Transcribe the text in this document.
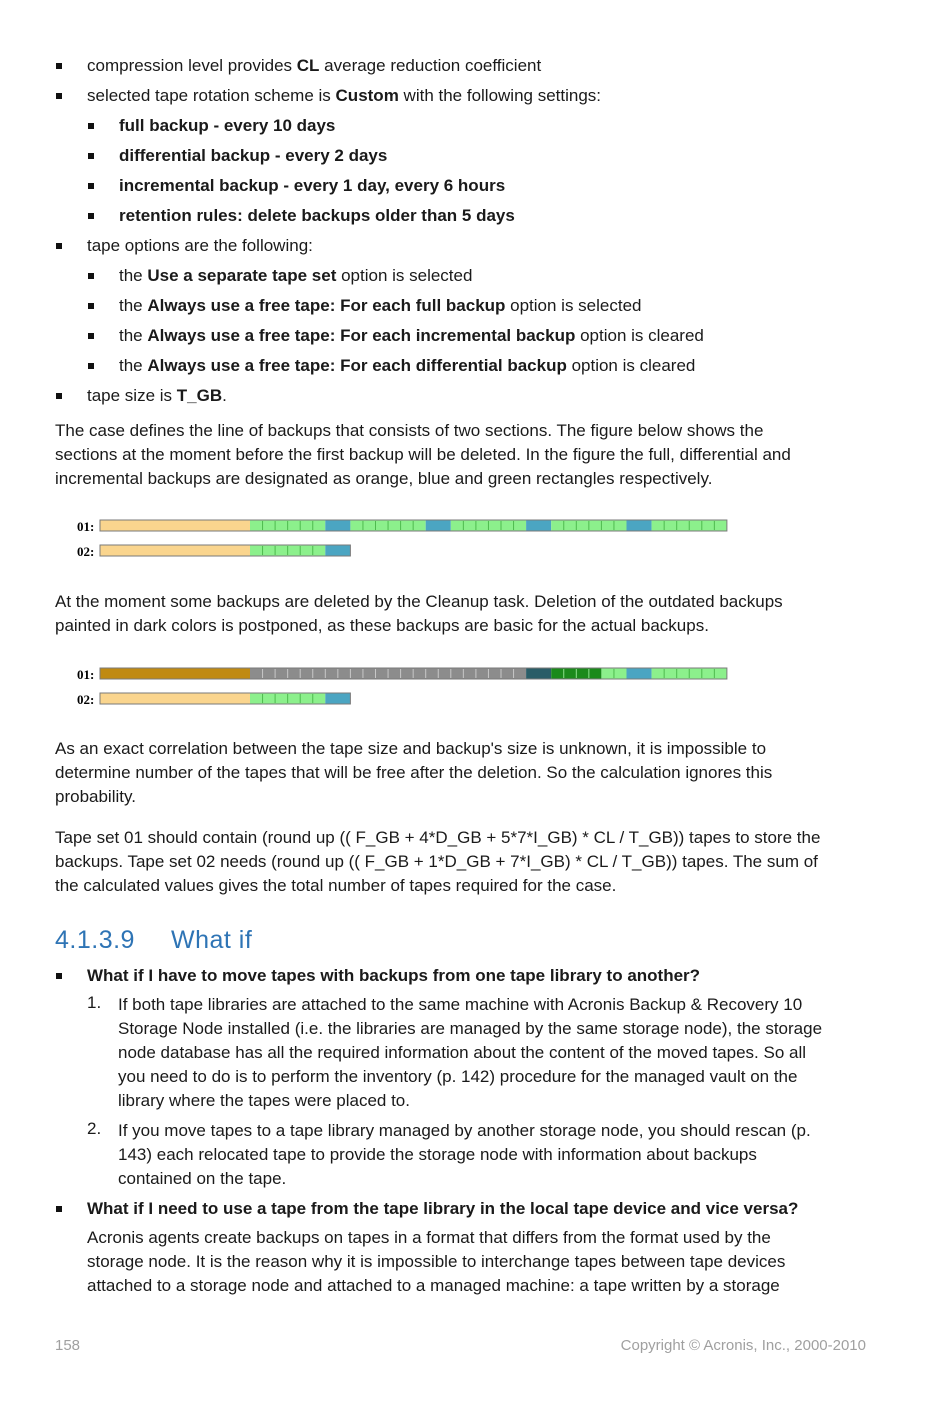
compression level provides CL average reduction coefficient
selected tape rotation scheme is Custom with the following settings:
full backup - every 10 days
differential backup - every 2 days
incremental backup - every 1 day, every 6 hours
retention rules: delete backups older than 5 days
tape options are the following:
the Use a separate tape set option is selected
the Always use a free tape: For each full backup option is selected
the Always use a free tape: For each incremental backup option is cleared
the Always use a free tape: For each differential backup option is cleared
tape size is T_GB.
The case defines the line of backups that consists of two sections. The figure below shows the
sections at the moment before the first backup will be deleted. In the figure the full, differential and
incremental backups are designated as orange, blue and green rectangles respectively.
01:
02:
At the moment some backups are deleted by the Cleanup task. Deletion of the outdated backups
painted in dark colors is postponed, as these backups are basic for the actual backups.
01:
02:
As an exact correlation between the tape size and backup's size is unknown, it is impossible to
determine number of the tapes that will be free after the deletion. So the calculation ignores this
probability.
Tape set 01 should contain (round up (( F_GB + 4*D_GB + 5*7*I_GB) * CL / T_GB)) tapes to store the
backups. Tape set 02 needs (round up (( F_GB + 1*D_GB + 7*I_GB) * CL / T_GB)) tapes. The sum of
the calculated values gives the total number of tapes required for the case.
4.1.3.9 What if
What if I have to move tapes with backups from one tape library to another?
1. If both tape libraries are attached to the same machine with Acronis Backup & Recovery 10
Storage Node installed (i.e. the libraries are managed by the same storage node), the storage
node database has all the required information about the content of the moved tapes. So all
you need to do is to perform the inventory (p. 142) procedure for the managed vault on the
library where the tapes were placed to.
2. If you move tapes to a tape library managed by another storage node, you should rescan (p.
143) each relocated tape to provide the storage node with information about backups
contained on the tape.
What if I need to use a tape from the tape library in the local tape device and vice versa?
Acronis agents create backups on tapes in a format that differs from the format used by the
storage node. It is the reason why it is impossible to interchange tapes between tape devices
attached to a storage node and attached to a managed machine: a tape written by a storage
158	Copyright © Acronis, Inc., 2000-2010
